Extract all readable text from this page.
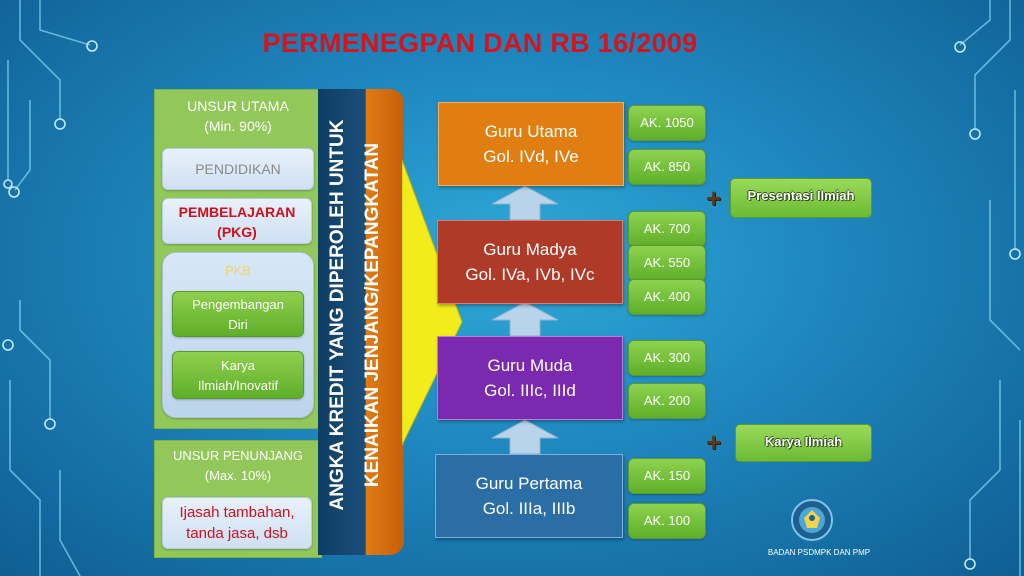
PERMENEGPAN DAN RB 16/2009
UNSUR UTAMA
(Min. 90%)
PENDIDIKAN
PEMBELAJARAN
(PKG)
PKB
Pengembangan
Diri
Karya
Ilmiah/Inovatif
UNSUR PENUNJANG
(Max. 10%)
Ijasah tambahan,
tanda jasa, dsb
ANGKA KREDIT YANG DIPEROLEH UNTUK KENAIKAN JENJANG/KEPANGKATAN
Guru Utama
Gol. IVd, IVe
Guru Madya
Gol. IVa, IVb, IVc
Guru Muda
Gol. IIIc, IIId
Guru Pertama
Gol. IIIa, IIIb
AK. 1050
AK. 850
AK. 700
AK. 550
AK. 400
AK. 300
AK. 200
AK. 150
AK. 100
+	Presentasi Ilmiah
+	Karya Ilmiah
BADAN PSDMPK DAN PMP
